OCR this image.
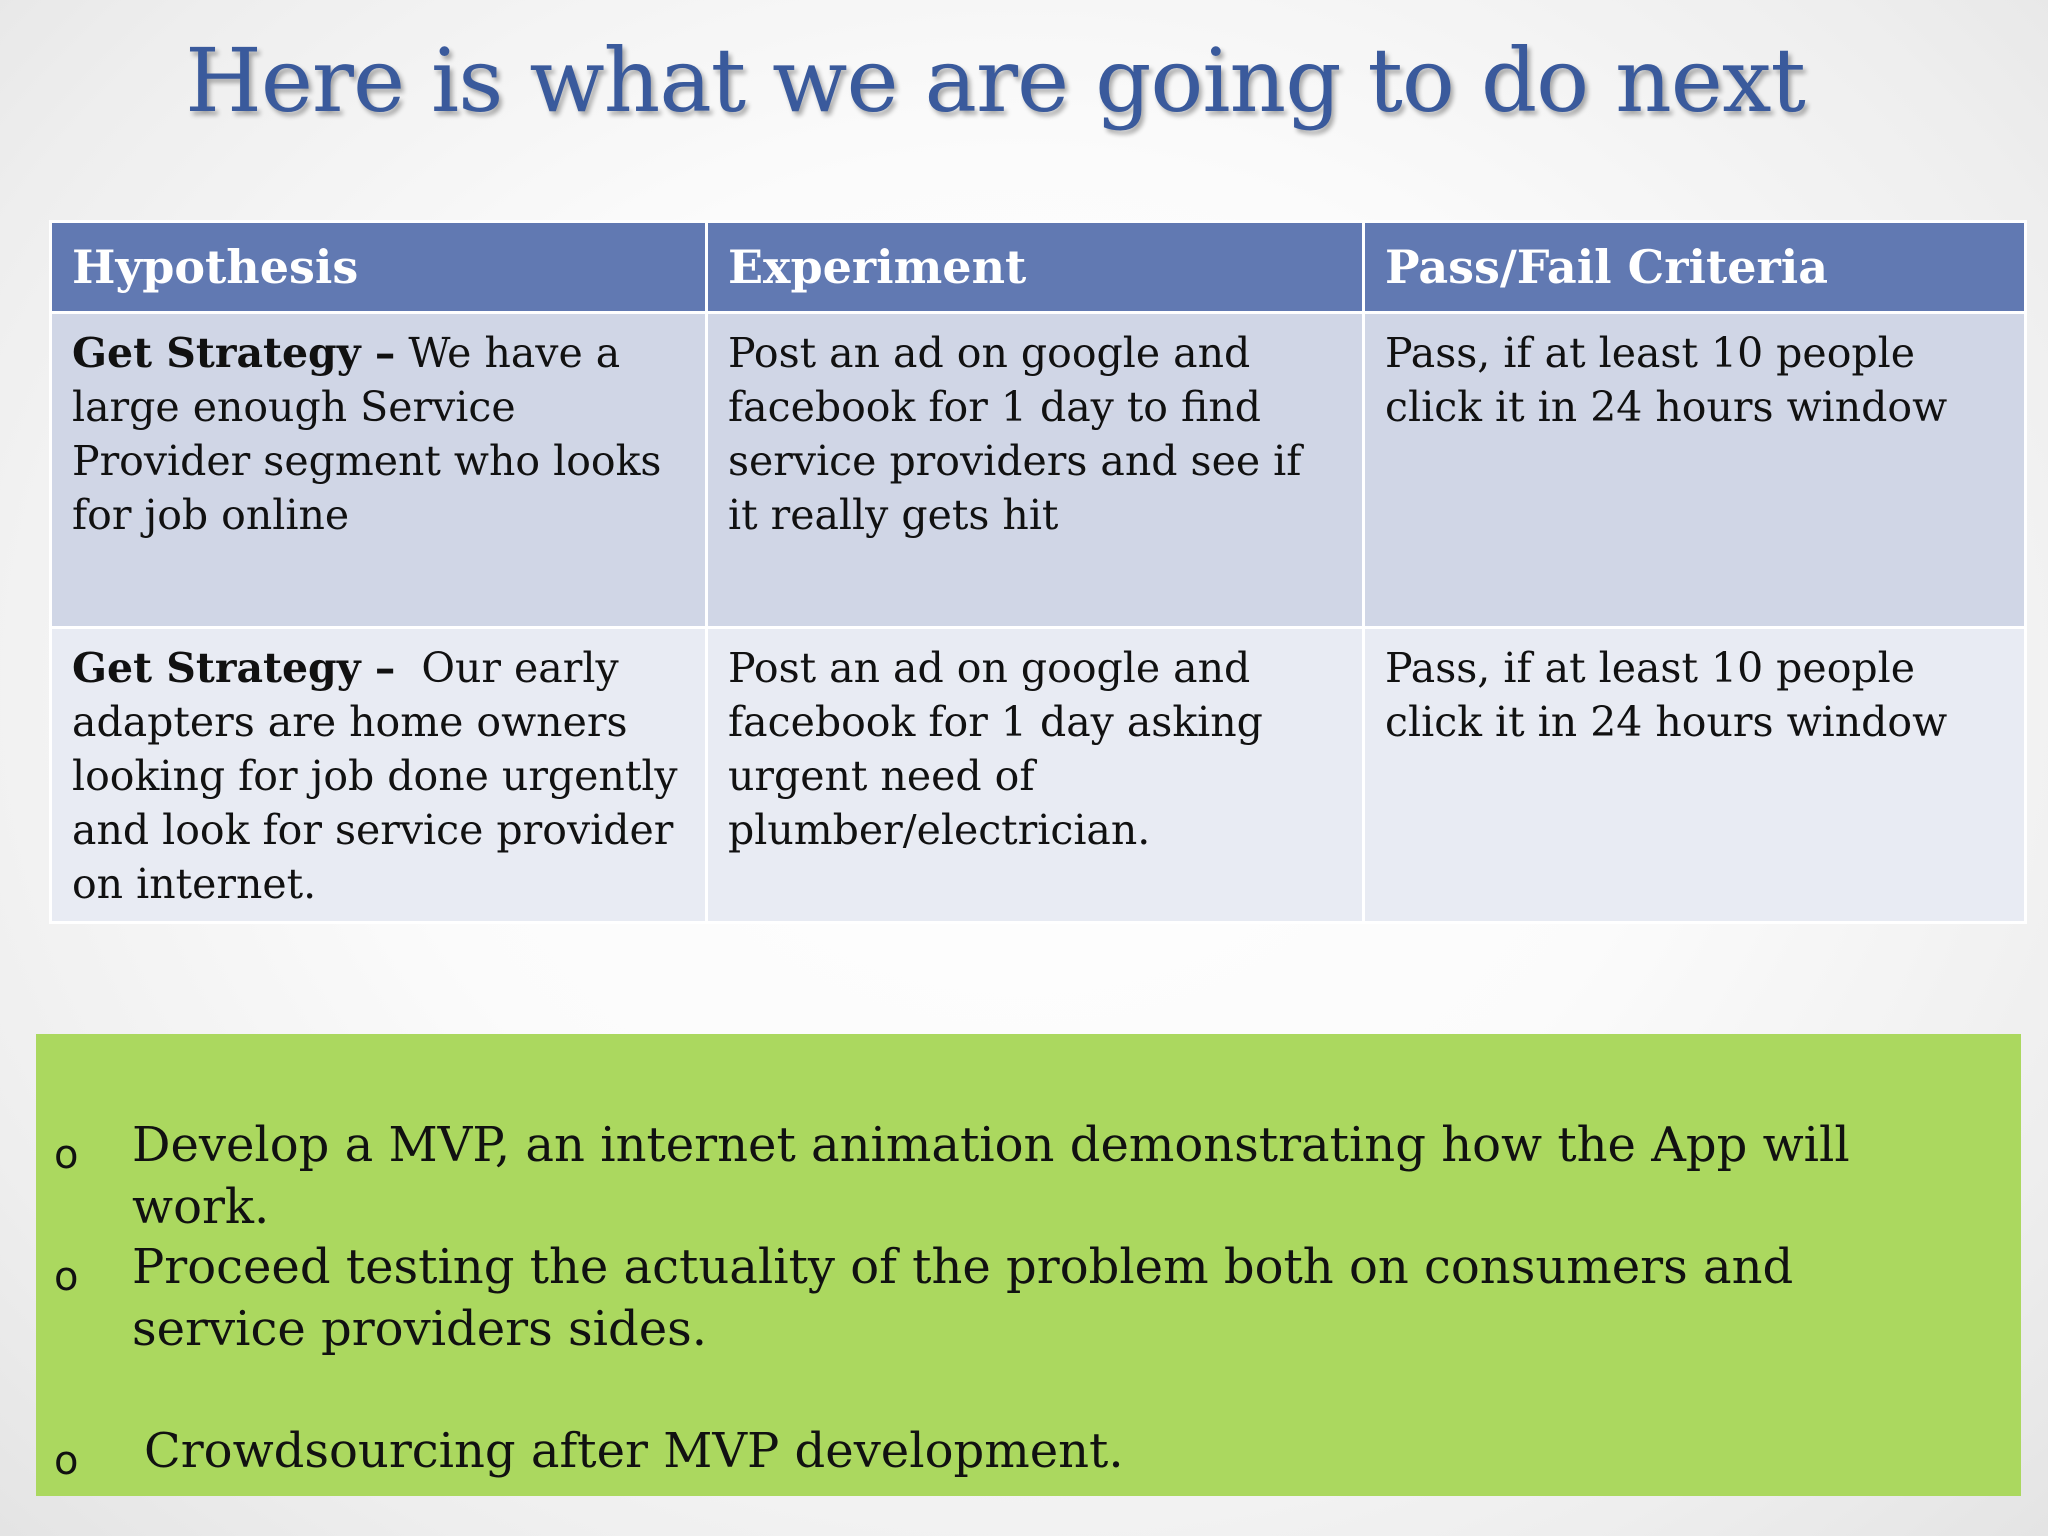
Here is what we are going to do next
Hypothesis	Experiment	Pass/Fail Criteria
Get Strategy – We have a large enough Service Provider segment who looks for job online	Post an ad on google and facebook for 1 day to find service providers and see if it really gets hit	Pass, if at least 10 people click it in 24 hours window
Get Strategy –  Our early adapters are home owners looking for job done urgently and look for service provider on internet.	Post an ad on google and facebook for 1 day asking urgent need of plumber/electrician.	Pass, if at least 10 people click it in 24 hours window
o Develop a MVP, an internet animation demonstrating how the App will work.
o Proceed testing the actuality of the problem both on consumers and service providers sides.
o Crowdsourcing after MVP development.
